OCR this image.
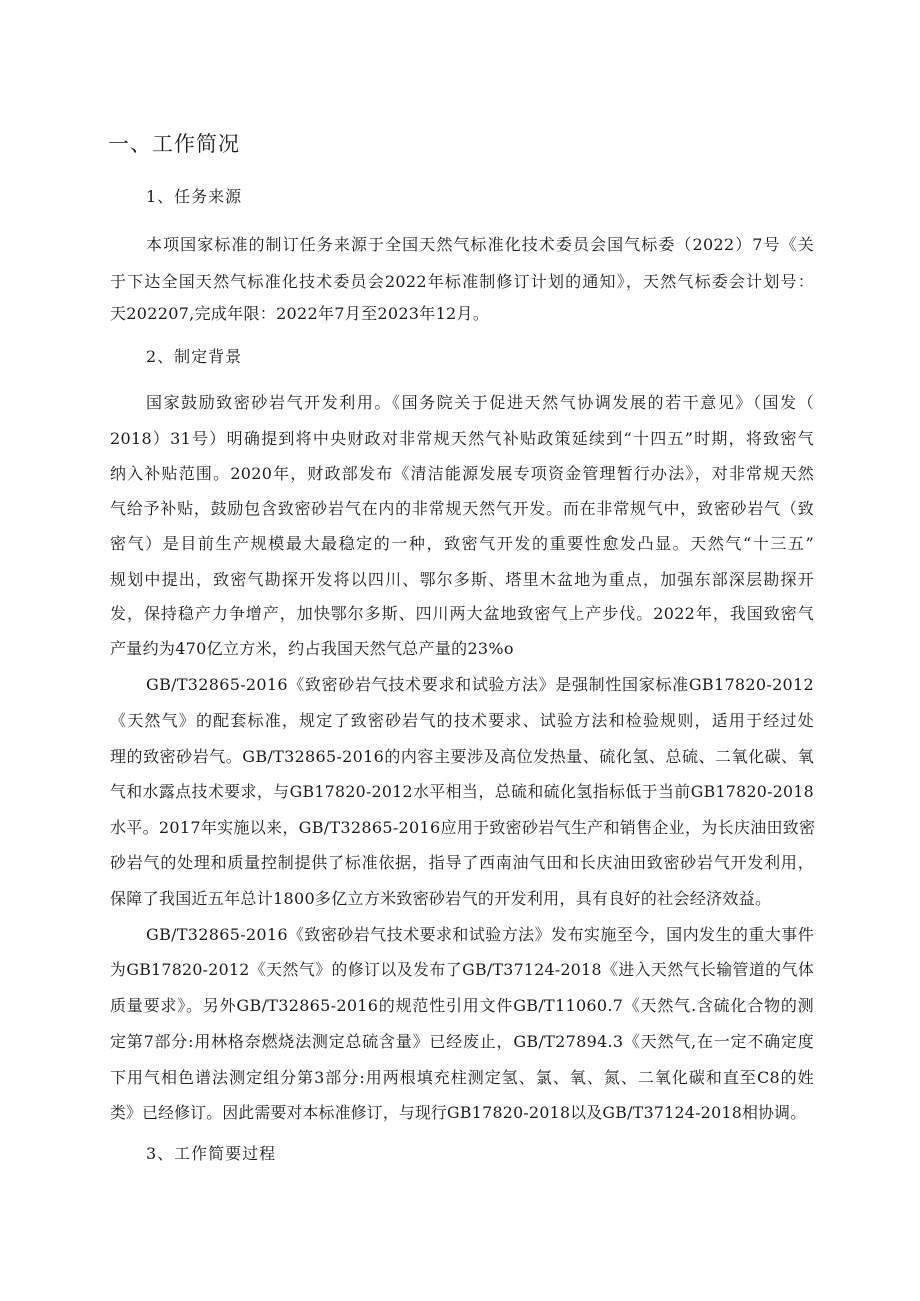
一、工作简况
1、任务来源
本项国家标准的制订任务来源于全国天然气标准化技术委员会国气标委（2022）7号《关
于下达全国天然气标准化技术委员会2022年标准制修订计划的通知》，天然气标委会计划号：
天202207,完成年限：2022年7月至2023年12月。
2、制定背景
国家鼓励致密砂岩气开发利用。《国务院关于促进天然气协调发展的若干意见》（国发（
2018）31号）明确提到将中央财政对非常规天然气补贴政策延续到“十四五”时期，将致密气
纳入补贴范围。2020年，财政部发布《清洁能源发展专项资金管理暂行办法》，对非常规天然
气给予补贴，鼓励包含致密砂岩气在内的非常规天然气开发。而在非常规气中，致密砂岩气（致
密气）是目前生产规模最大最稳定的一种，致密气开发的重要性愈发凸显。天然气“十三五”
规划中提出，致密气勘探开发将以四川、鄂尔多斯、塔里木盆地为重点，加强东部深层勘探开
发，保持稳产力争增产，加快鄂尔多斯、四川两大盆地致密气上产步伐。2022年，我国致密气
产量约为470亿立方米，约占我国天然气总产量的23%o
GB/T32865-2016《致密砂岩气技术要求和试验方法》是强制性国家标准GB17820-2012
《天然气》的配套标准，规定了致密砂岩气的技术要求、试验方法和检验规则，适用于经过处
理的致密砂岩气。GB/T32865-2016的内容主要涉及高位发热量、硫化氢、总硫、二氧化碳、氧
气和水露点技术要求，与GB17820-2012水平相当，总硫和硫化氢指标低于当前GB17820-2018
水平。2017年实施以来，GB/T32865-2016应用于致密砂岩气生产和销售企业，为长庆油田致密
砂岩气的处理和质量控制提供了标准依据，指导了西南油气田和长庆油田致密砂岩气开发利用，
保障了我国近五年总计1800多亿立方米致密砂岩气的开发利用，具有良好的社会经济效益。
GB/T32865-2016《致密砂岩气技术要求和试验方法》发布实施至今，国内发生的重大事件
为GB17820-2012《天然气》的修订以及发布了GB/T37124-2018《进入天然气长输管道的气体
质量要求》。另外GB/T32865-2016的规范性引用文件GB/T11060.7《天然气.含硫化合物的测
定第7部分:用林格奈燃烧法测定总硫含量》已经废止，GB/T27894.3《天然气,在一定不确定度
下用气相色谱法测定组分第3部分:用两根填充柱测定氢、氯、氧、氮、二氧化碳和直至C8的姓
类》已经修订。因此需要对本标准修订，与现行GB17820-2018以及GB/T37124-2018相协调。
3、工作简要过程
